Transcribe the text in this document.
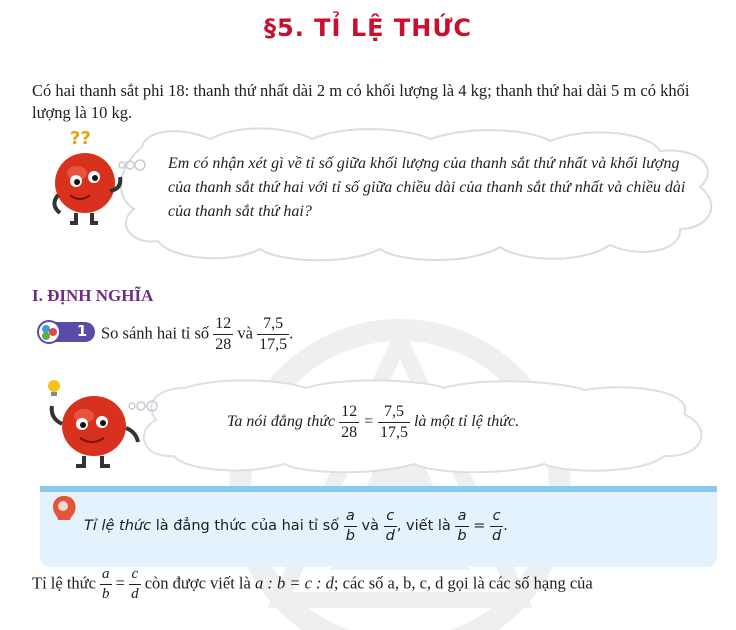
§5. TỈ LỆ THỨC
Có hai thanh sắt phi 18: thanh thứ nhất dài 2 m có khối lượng là 4 kg; thanh thứ hai dài 5 m có khối lượng là 10 kg.
??
Em có nhận xét gì về tỉ số giữa khối lượng của thanh sắt thứ nhất và khối lượng của thanh sắt thứ hai với tỉ số giữa chiều dài của thanh sắt thứ nhất và chiều dài của thanh sắt thứ hai?
I. ĐỊNH NGHĨA
1 So sánh hai tỉ số $\frac{12}{28}$ và $\frac{7,5}{17,5}$ .
Ta nói đẳng thức $\frac{12}{28} = \frac{7,5}{17,5}$ là một tỉ lệ thức.
Tỉ lệ thức là đẳng thức của hai tỉ số $\frac{a}{b}$ và $\frac{c}{d}$ , viết là $\frac{a}{b} = \frac{c}{d}$ .
Tỉ lệ thức $\frac{a}{b} = \frac{c}{d}$ còn được viết là a : b = c : d; các số a, b, c, d gọi là các số hạng của
